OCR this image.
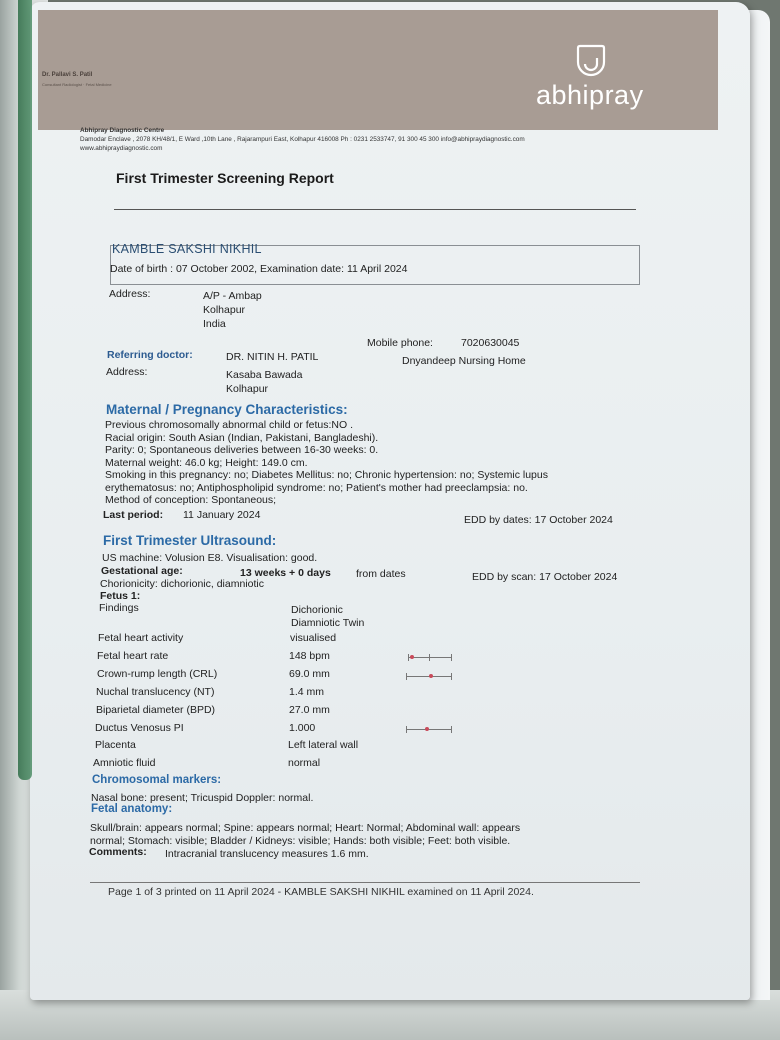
Dr. Pallavi S. Patil
Consultant Radiologist · Fetal Medicine	abhipray
Abhipray Diagnostic Centre
Damodar Enclave , 2078 KH/48/1, E Ward ,10th Lane , Rajarampuri East, Kolhapur 416008 Ph : 0231 2533747, 91 300 45 300 info@abhipraydiagnostic.com
www.abhipraydiagnostic.com
First Trimester Screening Report
KAMBLE SAKSHI NIKHIL
Date of birth : 07 October 2002, Examination date: 11 April 2024
Address:	A/P - Ambap
Kolhapur
India
Mobile phone:	7020630045
Referring doctor:	DR. NITIN H. PATIL	Dnyandeep Nursing Home
Address:	Kasaba Bawada
Kolhapur
Maternal / Pregnancy Characteristics:
Previous chromosomally abnormal child or fetus:NO .
Racial origin: South Asian (Indian, Pakistani, Bangladeshi).
Parity: 0; Spontaneous deliveries between 16-30 weeks: 0.
Maternal weight: 46.0 kg; Height: 149.0 cm.
Smoking in this pregnancy: no; Diabetes Mellitus: no; Chronic hypertension: no; Systemic lupus
erythematosus: no; Antiphospholipid syndrome: no; Patient's mother had preeclampsia: no.
Method of conception: Spontaneous;
Last period: 11 January 2024	EDD by dates: 17 October 2024
First Trimester Ultrasound:
US machine: Volusion E8. Visualisation: good.
Gestational age:	13 weeks + 0 days from dates	EDD by scan: 17 October 2024
Chorionicity: dichorionic, diamniotic
Fetus 1:
Findings	Dichorionic
Diamniotic Twin
Fetal heart activity	visualised
Fetal heart rate	148 bpm
Crown-rump length (CRL)	69.0 mm
Nuchal translucency (NT)	1.4 mm
Biparietal diameter (BPD)	27.0 mm
Ductus Venosus PI	1.000
Placenta	Left lateral wall
Amniotic fluid	normal
Chromosomal markers:
Nasal bone: present; Tricuspid Doppler: normal.
Fetal anatomy:
Skull/brain: appears normal; Spine: appears normal; Heart: Normal; Abdominal wall: appears
normal; Stomach: visible; Bladder / Kidneys: visible; Hands: both visible; Feet: both visible.
Comments: Intracranial translucency measures 1.6 mm.
Page 1 of 3 printed on 11 April 2024 - KAMBLE SAKSHI NIKHIL examined on 11 April 2024.
